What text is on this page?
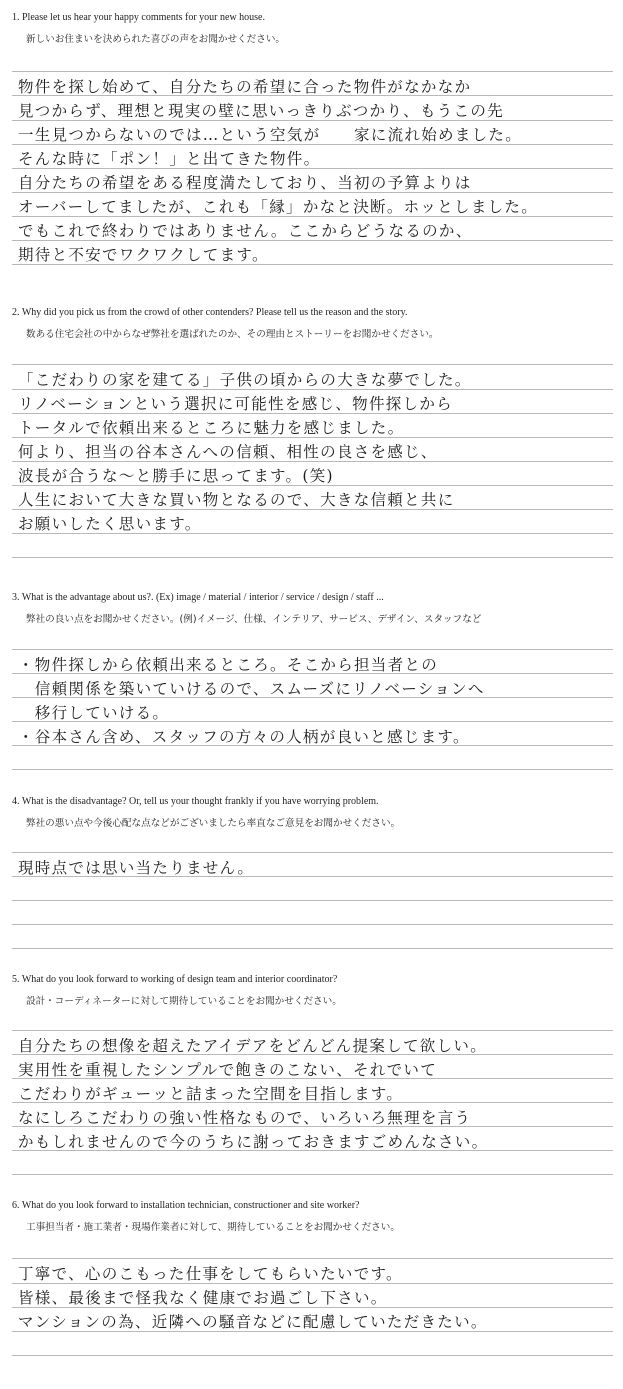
1. Please let us hear your happy comments for your new house.
新しいお住まいを決められた喜びの声をお聞かせください。
物件を探し始めて、自分たちの希望に合った物件がなかなか
見つからず、理想と現実の壁に思いっきりぶつかり、もうこの先
一生見つからないのでは…という空気が　　家に流れ始めました。
そんな時に「ポン！」と出てきた物件。
自分たちの希望をある程度満たしており、当初の予算よりは
オーバーしてましたが、これも「縁」かなと決断。ホッとしました。
でもこれで終わりではありません。ここからどうなるのか、
期待と不安でワクワクしてます。
2. Why did you pick us from the crowd of other contenders? Please tell us the reason and the story.
数ある住宅会社の中からなぜ弊社を選ばれたのか、その理由とストーリーをお聞かせください。
「こだわりの家を建てる」子供の頃からの大きな夢でした。
リノベーションという選択に可能性を感じ、物件探しから
トータルで依頼出来るところに魅力を感じました。
何より、担当の谷本さんへの信頼、相性の良さを感じ、
波長が合うな〜と勝手に思ってます。(笑)
人生において大きな買い物となるので、大きな信頼と共に
お願いしたく思います。
3. What is the advantage about us?. (Ex) image / material / interior / service / design / staff ...
弊社の良い点をお聞かせください。(例)イメージ、仕様、インテリア、サービス、デザイン、スタッフなど
・物件探しから依頼出来るところ。そこから担当者との
　信頼関係を築いていけるので、スムーズにリノベーションへ
　移行していける。
・谷本さん含め、スタッフの方々の人柄が良いと感じます。
4. What is the disadvantage? Or, tell us your thought frankly if you have worrying problem.
弊社の悪い点や今後心配な点などがございましたら率直なご意見をお聞かせください。
現時点では思い当たりません。
5. What do you look forward to working of design team and interior coordinator?
設計・コーディネーターに対して期待していることをお聞かせください。
自分たちの想像を超えたアイデアをどんどん提案して欲しい。
実用性を重視したシンプルで飽きのこない、それでいて
こだわりがギューッと詰まった空間を目指します。
なにしろこだわりの強い性格なもので、いろいろ無理を言う
かもしれませんので今のうちに謝っておきますごめんなさい。
6. What do you look forward to installation technician, constructioner and site worker?
工事担当者・施工業者・現場作業者に対して、期待していることをお聞かせください。
丁寧で、心のこもった仕事をしてもらいたいです。
皆様、最後まで怪我なく健康でお過ごし下さい。
マンションの為、近隣への騒音などに配慮していただきたい。
